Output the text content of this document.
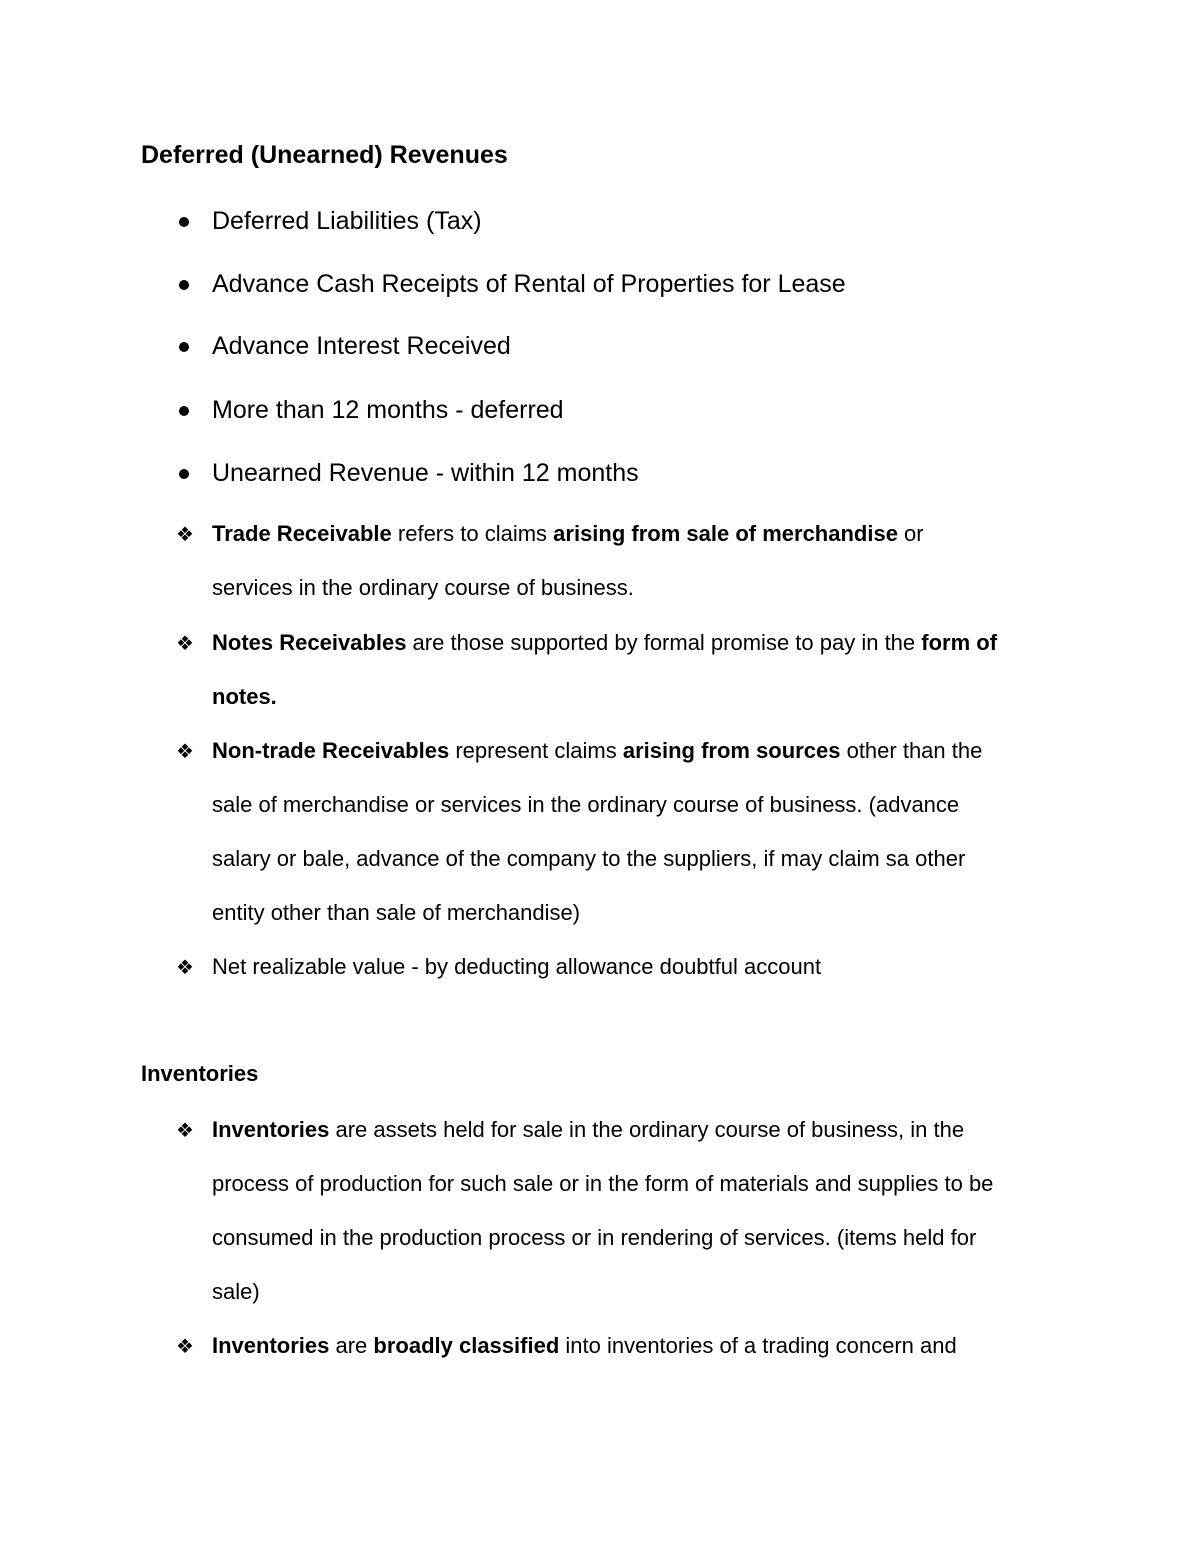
Deferred (Unearned) Revenues

Deferred Liabilities (Tax)

Advance Cash Receipts of Rental of Properties for Lease

Advance Interest Received

More than 12 months - deferred

Unearned Revenue - within 12 months

❖ Trade Receivable refers to claims arising from sale of merchandise or
services in the ordinary course of business.
❖ Notes Receivables are those supported by formal promise to pay in the form of
notes.
❖ Non-trade Receivables represent claims arising from sources other than the
sale of merchandise or services in the ordinary course of business. (advance
salary or bale, advance of the company to the suppliers, if may claim sa other
entity other than sale of merchandise)
❖ Net realizable value - by deducting allowance doubtful account
Inventories
❖ Inventories are assets held for sale in the ordinary course of business, in the
process of production for such sale or in the form of materials and supplies to be
consumed in the production process or in rendering of services. (items held for
sale)
❖ Inventories are broadly classified into inventories of a trading concern and
